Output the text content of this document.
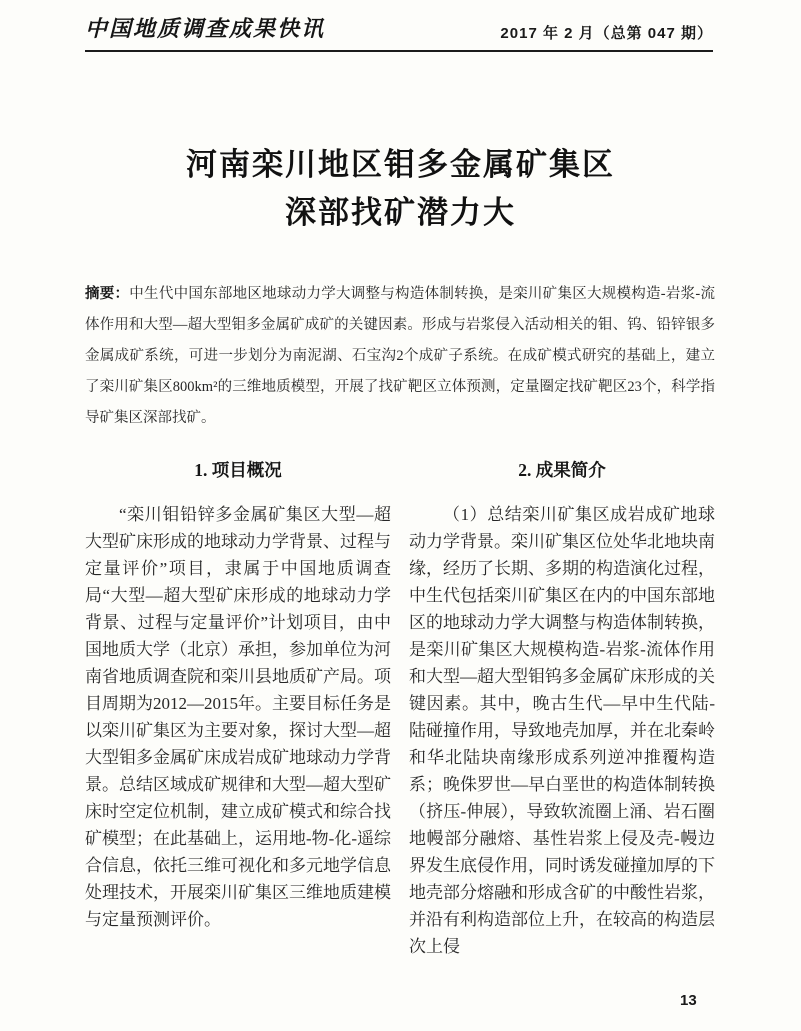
中国地质调查成果快讯	2017 年 2 月（总第 047 期）
河南栾川地区钼多金属矿集区
深部找矿潜力大
摘要：中生代中国东部地区地球动力学大调整与构造体制转换，是栾川矿集区大规模构造-岩浆-流体作用和大型—超大型钼多金属矿成矿的关键因素。形成与岩浆侵入活动相关的钼、钨、铅锌银多金属成矿系统，可进一步划分为南泥湖、石宝沟2个成矿子系统。在成矿模式研究的基础上，建立了栾川矿集区800km²的三维地质模型，开展了找矿靶区立体预测，定量圈定找矿靶区23个，科学指导矿集区深部找矿。
1. 项目概况

“栾川钼铅锌多金属矿集区大型—超大型矿床形成的地球动力学背景、过程与定量评价”项目，隶属于中国地质调查局“大型—超大型矿床形成的地球动力学背景、过程与定量评价”计划项目，由中国地质大学（北京）承担，参加单位为河南省地质调查院和栾川县地质矿产局。项目周期为2012—2015年。主要目标任务是以栾川矿集区为主要对象，探讨大型—超大型钼多金属矿床成岩成矿地球动力学背景。总结区域成矿规律和大型—超大型矿床时空定位机制，建立成矿模式和综合找矿模型；在此基础上，运用地-物-化-遥综合信息，依托三维可视化和多元地学信息处理技术，开展栾川矿集区三维地质建模与定量预测评价。

2. 成果简介

（1）总结栾川矿集区成岩成矿地球动力学背景。栾川矿集区位处华北地块南缘，经历了长期、多期的构造演化过程，中生代包括栾川矿集区在内的中国东部地区的地球动力学大调整与构造体制转换，是栾川矿集区大规模构造-岩浆-流体作用和大型—超大型钼钨多金属矿床形成的关键因素。其中，晚古生代—早中生代陆-陆碰撞作用，导致地壳加厚，并在北秦岭和华北陆块南缘形成系列逆冲推覆构造系；晚侏罗世—早白垩世的构造体制转换（挤压-伸展），导致软流圈上涌、岩石圈地幔部分融熔、基性岩浆上侵及壳-幔边界发生底侵作用，同时诱发碰撞加厚的下地壳部分熔融和形成含矿的中酸性岩浆，并沿有利构造部位上升，在较高的构造层次上侵

13
